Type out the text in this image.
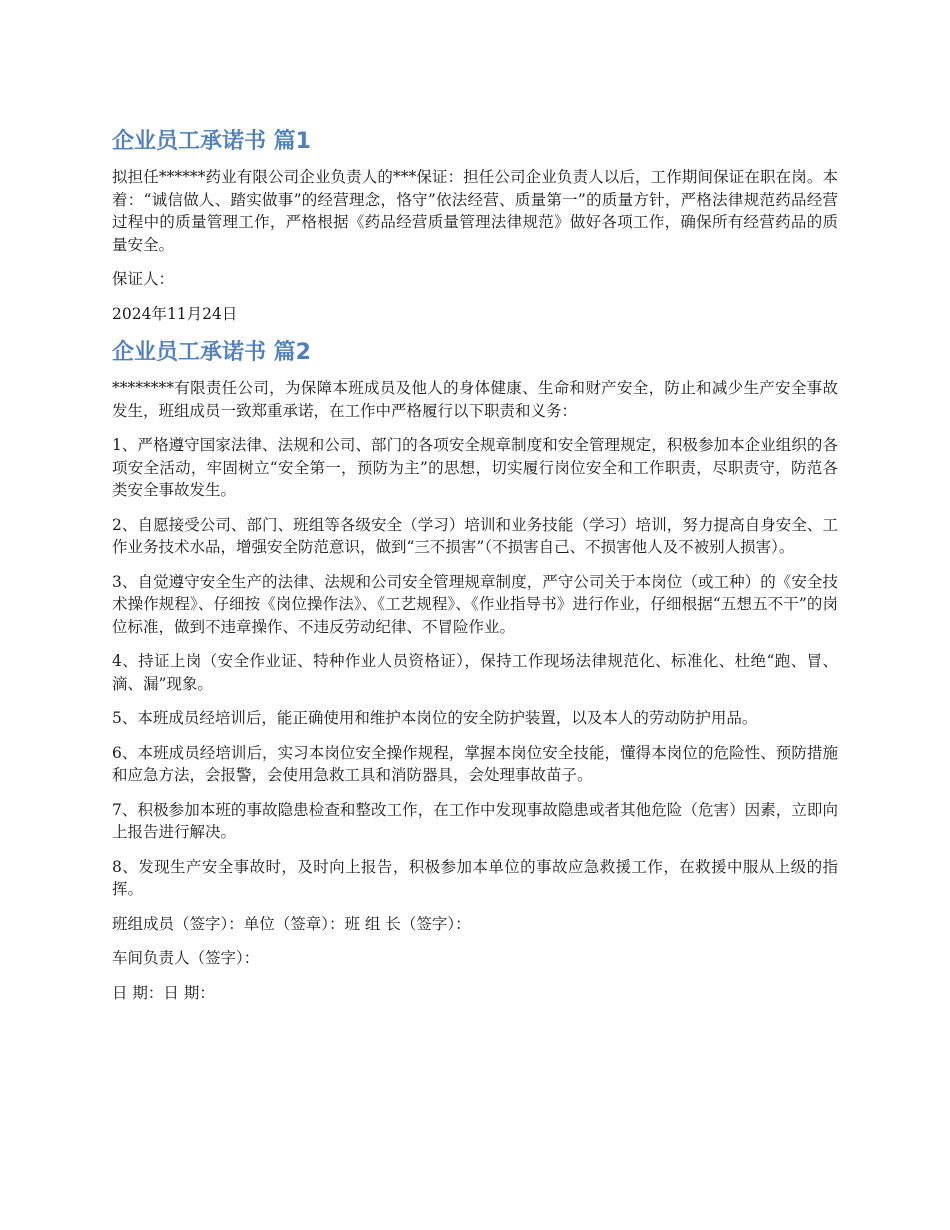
企业员工承诺书 篇1

拟担任******药业有限公司企业负责人的***保证：担任公司企业负责人以后，工作期间保证在职在岗。本着：“诚信做人、踏实做事”的经营理念，恪守”依法经营、质量第一”的质量方针，严格法律规范药品经营过程中的质量管理工作，严格根据《药品经营质量管理法律规范》做好各项工作，确保所有经营药品的质量安全。

保证人：

2024年11月24日

企业员工承诺书 篇2

********有限责任公司，为保障本班成员及他人的身体健康、生命和财产安全，防止和减少生产安全事故发生，班组成员一致郑重承诺，在工作中严格履行以下职责和义务：

1、严格遵守国家法律、法规和公司、部门的各项安全规章制度和安全管理规定，积极参加本企业组织的各项安全活动，牢固树立“安全第一，预防为主”的思想，切实履行岗位安全和工作职责，尽职责守，防范各类安全事故发生。

2、自愿接受公司、部门、班组等各级安全（学习）培训和业务技能（学习）培训，努力提高自身安全、工作业务技术水品，增强安全防范意识，做到“三不损害”（不损害自己、不损害他人及不被别人损害）。

3、自觉遵守安全生产的法律、法规和公司安全管理规章制度，严守公司关于本岗位（或工种）的《安全技术操作规程》、仔细按《岗位操作法》、《工艺规程》、《作业指导书》进行作业，仔细根据“五想五不干”的岗位标准，做到不违章操作、不违反劳动纪律、不冒险作业。

4、持证上岗（安全作业证、特种作业人员资格证），保持工作现场法律规范化、标准化、杜绝“跑、冒、滴、漏”现象。

5、本班成员经培训后，能正确使用和维护本岗位的安全防护装置，以及本人的劳动防护用品。

6、本班成员经培训后，实习本岗位安全操作规程，掌握本岗位安全技能，懂得本岗位的危险性、预防措施和应急方法，会报警，会使用急救工具和消防器具，会处理事故苗子。

7、积极参加本班的事故隐患检查和整改工作，在工作中发现事故隐患或者其他危险（危害）因素，立即向上报告进行解决。

8、发现生产安全事故时，及时向上报告，积极参加本单位的事故应急救援工作，在救援中服从上级的指挥。

班组成员（签字）：单位（签章）：班 组 长（签字）：

车间负责人（签字）：

日 期：日 期：
